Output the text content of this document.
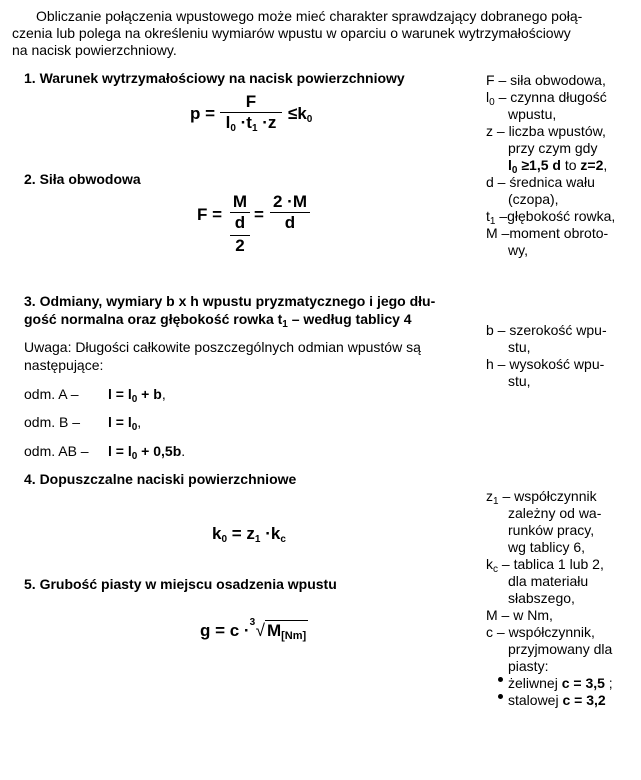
Obliczanie połączenia wpustowego może mieć charakter sprawdzający dobranego połą-
czenia lub polega na określeniu wymiarów wpustu w oparciu o warunek wytrzymałościowy
na nacisk powierzchniowy.
1. Warunek wytrzymałościowy na nacisk powierzchniowy
p =
F
$l_0 \cdot t_1 \cdot z \le k_0$
2. Siła obwodowa
F =
M
d
2
=
2 ·M
d
3. Odmiany, wymiary b x h wpustu pryzmatycznego i jego dłu-
gość normalna oraz głębokość rowka $t_1$ – według tablicy 4
Uwaga: Długości całkowite poszczególnych odmian wpustów są
następujące:
odm. $A - l = l_0 + b$,
odm. $B - l = l_0$,
odm. AB – $l = l_0 + 0,5b$.
4. Dopuszczalne naciski powierzchniowe
$k_0 = z_1 \cdot k_c$
5. Grubość piasty w miejscu osadzenia wpustu
g = c · 3 √ $M_{[Nm]}$
F – siła obwodowa,
$l_0$ – czynna długość
wpustu,
z – liczba wpustów,
przy czym gdy
$l_0 \ge 1,5$ d to z=2,
d – średnica wału
(czopa),
$t_1$ –głębokość rowka,
M –moment obroto-
wy,
b – szerokość wpu-
stu,
h – wysokość wpu-
stu,
$z_1$ – współczynnik
zależny od wa-
runków pracy,
wg tablicy 6,
$k_c$ – tablica 1 lub 2,
dla materiału
słabszego,
M – w Nm,
c – współczynnik,
przyjmowany dla
piasty:
żeliwnej c = 3,5 ;
stalowej c = 3,2
